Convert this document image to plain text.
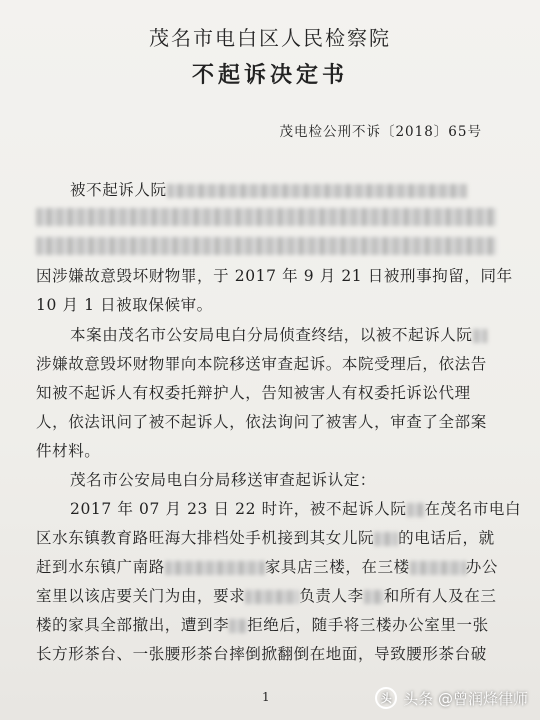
茂名市电白区人民检察院
不起诉决定书
茂电检公刑不诉〔2018〕65号
被不起诉人阮
因涉嫌故意毁坏财物罪，于 2017 年 9 月 21 日被刑事拘留，同年
10 月 1 日被取保候审。
本案由茂名市公安局电白分局侦查终结，以被不起诉人阮
涉嫌故意毁坏财物罪向本院移送审查起诉。本院受理后，依法告
知被不起诉人有权委托辩护人，告知被害人有权委托诉讼代理
人，依法讯问了被不起诉人，依法询问了被害人，审查了全部案
件材料。
茂名市公安局电白分局移送审查起诉认定：
2017 年 07 月 23 日 22 时许，被不起诉人阮 在茂名市电白
区水东镇教育路旺海大排档处手机接到其女儿阮 的电话后，就
赶到水东镇广南路	家具店三楼，在三楼	办公
室里以该店要关门为由，要求	负责人李 和所有人及在三
楼的家具全部撤出，遭到李 拒绝后，随手将三楼办公室里一张
长方形茶台、一张腰形茶台摔倒掀翻倒在地面，导致腰形茶台破
1	头 头条 @曾润烽律师
